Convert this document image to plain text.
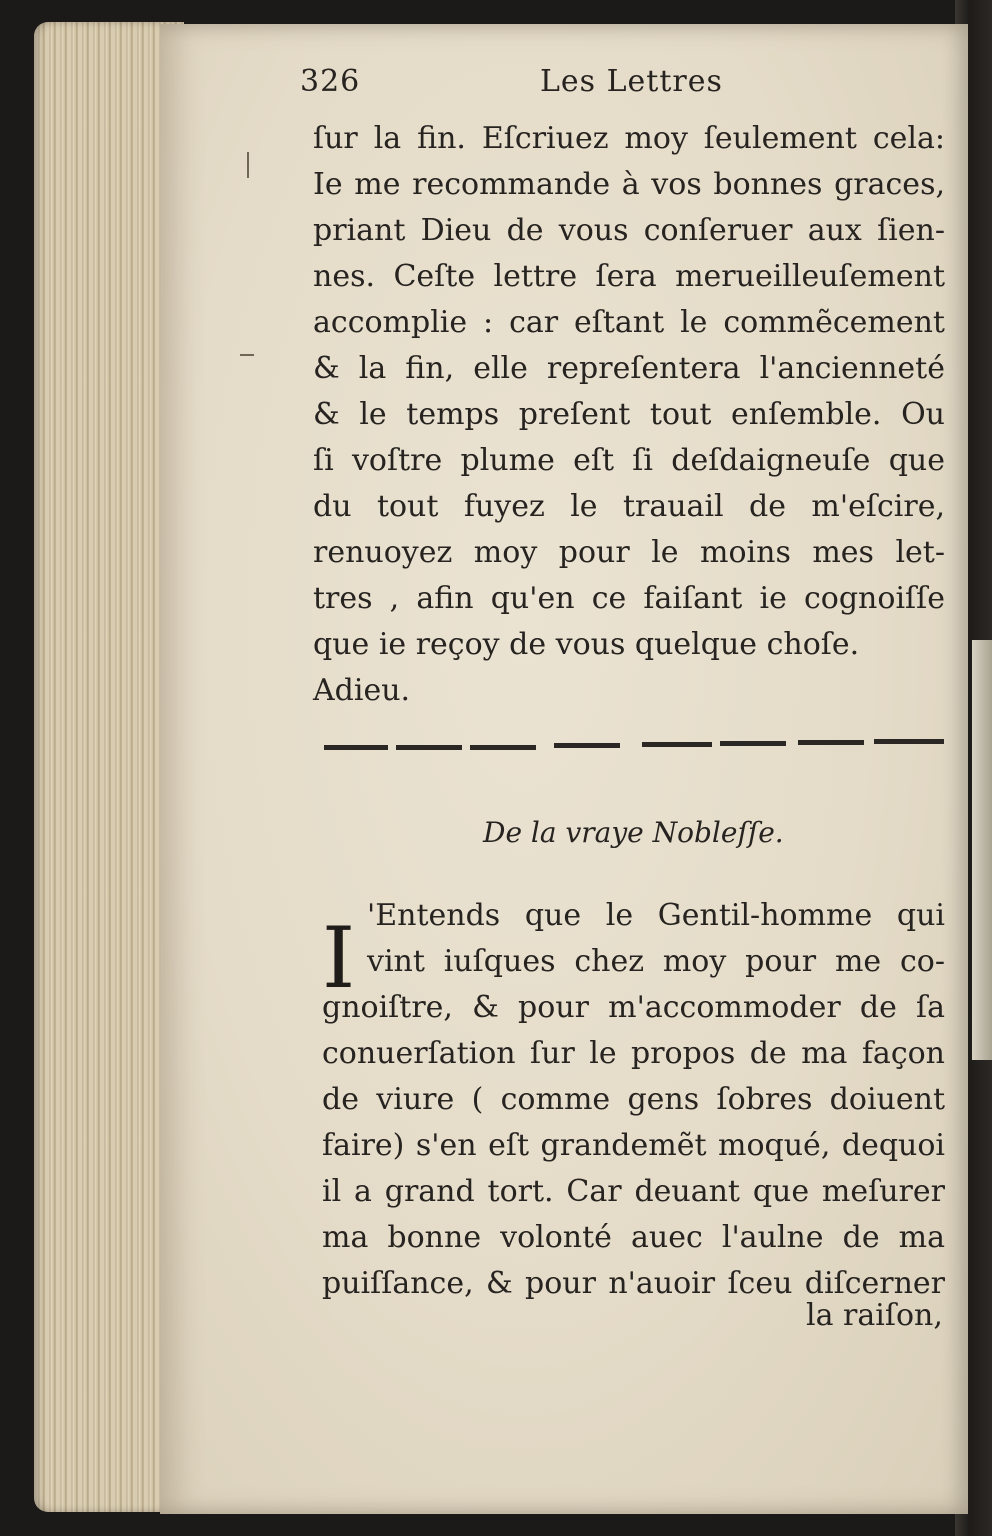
326	Les Lettres
ſur la fin. Eſcriuez moy ſeulement cela:
Ie me recommande à vos bonnes graces,
priant Dieu de vous conſeruer aux ſien-
nes. Ceſte lettre ſera merueilleuſement
accomplie : car eſtant le commẽcement
& la fin, elle repreſentera l'ancienneté
& le temps preſent tout enſemble. Ou
ſi voſtre plume eſt ſi deſdaigneuſe que
du tout fuyez le trauail de m'eſcire,
renuoyez moy pour le moins mes let-
tres , afin qu'en ce faiſant ie cognoiſſe
que ie reçoy de vous quelque choſe.
Adieu.
De la vraye Nobleſſe.
I 'Entends que le Gentil-homme qui
vint iuſques chez moy pour me co-
gnoiſtre, & pour m'accommoder de ſa
conuerſation ſur le propos de ma façon
de viure ( comme gens ſobres doiuent
faire) s'en eſt grandemẽt moqué, dequoi
il a grand tort. Car deuant que meſurer
ma bonne volonté auec l'aulne de ma
puiſſance, & pour n'auoir ſceu diſcerner
la raiſon,
